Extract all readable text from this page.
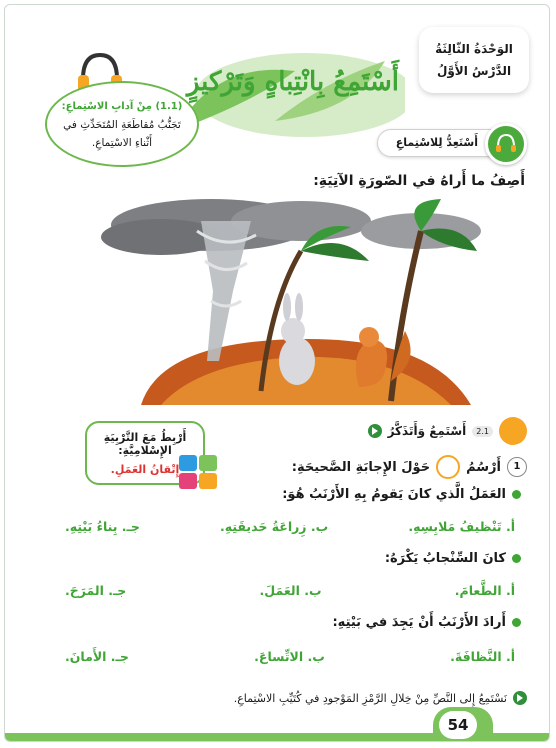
الوَحْدَةُ الثّالِثَةُ
الدَّرْسُ الأَوَّلُ
أَسْتَمِعُ بِانْتِباهٍ وَتَرْكيزٍ
(1.1) مِنْ آدابِ الاسْتِماعِ:
تَجَنُّبُ مُقاطَعَةِ المُتَحَدِّثِ في أَثْناءِ الاسْتِماعِ.	أَسْتَعِدُّ لِلاسْتِماعِ
أَصِفُ ما أَراهُ في الصّورَةِ الآتِيَةِ:
2.1
أَسْتَمِعُ وَأَتَذَكَّرُ
أَرْبِطُ مَعَ التَّرْبِيَةِ الإِسْلامِيَّةِ:
إِتْقانُ العَمَلِ.	1
أَرْسُمُ
حَوْلَ الإِجابَةِ الصَّحيحَةِ:
العَمَلُ الَّذي كانَ يَقومُ بِهِ الأَرْنَبُ هُوَ:
أ. تَنْظيفُ مَلابِسِهِ.
ب. زِراعَةُ حَديقَتِهِ.
جـ. بِناءُ بَيْتِهِ.
كانَ السِّنْجابُ يَكْرَهُ:
أ. الطَّعامَ.
ب. العَمَلَ.
جـ. المَرَحَ.
أَرادَ الأَرْنَبُ أَنْ يَجِدَ في بَيْتِهِ:
أ. النَّظافَةَ.
ب. الاتِّساعَ.
جـ. الأَمانَ.
نَسْتَمِعُ إِلى النَّصِّ مِنْ خِلالِ الرَّمْزِ المَوْجودِ في كُتَيِّبِ الاسْتِماعِ.
54
